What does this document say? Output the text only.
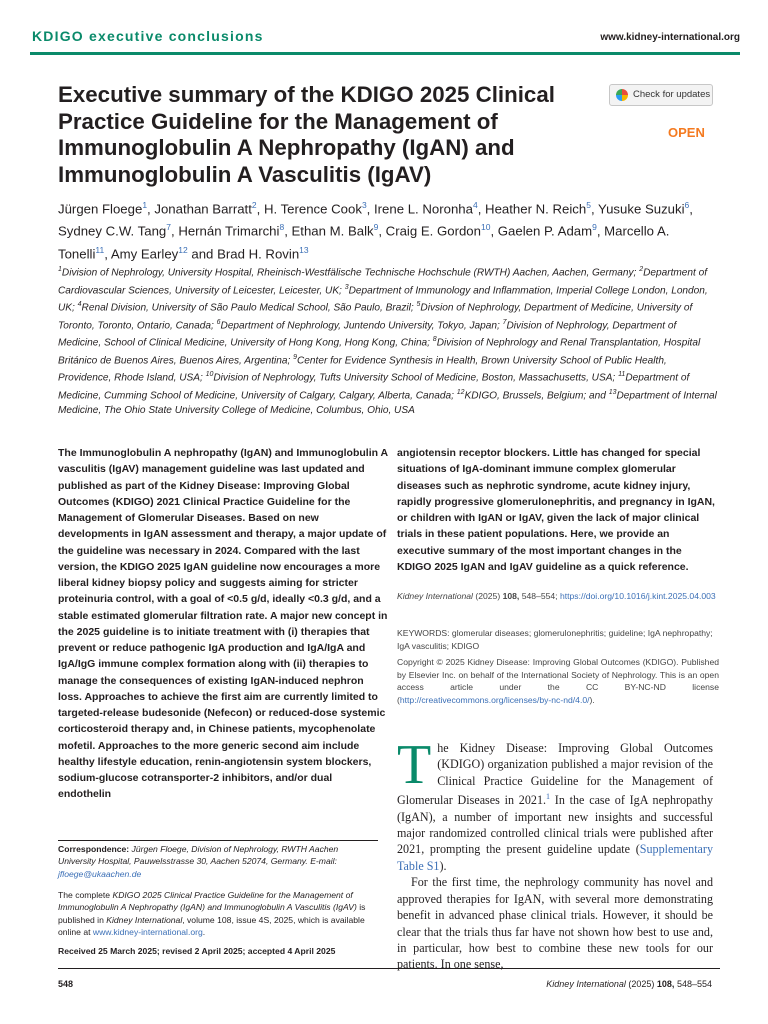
KDIGO executive conclusions	www.kidney-international.org
Executive summary of the KDIGO 2025 Clinical Practice Guideline for the Management of Immunoglobulin A Nephropathy (IgAN) and Immunoglobulin A Vasculitis (IgAV)
Check for updates
OPEN
Jürgen Floege$^1$, Jonathan Barratt$^2$, H. Terence Cook$^3$, Irene L. Noronha$^4$, Heather N. Reich$^5$, Yusuke Suzuki$^6$, Sydney C.W. Tang$^7$, Hernán Trimarchi$^8$, Ethan M. Balk$^9$, Craig E. Gordon$^{10}$, Gaelen P. Adam$^9$, Marcello A. Tonelli$^{11}$, Amy Earley$^{12}$ and Brad H. Rovin$^{13}$
$^1$Division of Nephrology, University Hospital, Rheinisch-Westfälische Technische Hochschule (RWTH) Aachen, Aachen, Germany; $^2$Department of Cardiovascular Sciences, University of Leicester, Leicester, UK; $^3$Department of Immunology and Inflammation, Imperial College London, London, UK; $^4$Renal Division, University of São Paulo Medical School, São Paulo, Brazil; $^5$Divsion of Nephrology, Department of Medicine, University of Toronto, Toronto, Ontario, Canada; $^6$Department of Nephrology, Juntendo University, Tokyo, Japan; $^7$Division of Nephrology, Department of Medicine, School of Clinical Medicine, University of Hong Kong, Hong Kong, China; $^8$Division of Nephrology and Renal Transplantation, Hospital Británico de Buenos Aires, Buenos Aires, Argentina; $^9$Center for Evidence Synthesis in Health, Brown University School of Public Health, Providence, Rhode Island, USA; $^{10}$Division of Nephrology, Tufts University School of Medicine, Boston, Massachusetts, USA; $^{11}$Department of Medicine, Cumming School of Medicine, University of Calgary, Calgary, Alberta, Canada; $^{12}$KDIGO, Brussels, Belgium; and $^{13}$Department of Internal Medicine, The Ohio State University College of Medicine, Columbus, Ohio, USA
The Immunoglobulin A nephropathy (IgAN) and Immunoglobulin A vasculitis (IgAV) management guideline was last updated and published as part of the Kidney Disease: Improving Global Outcomes (KDIGO) 2021 Clinical Practice Guideline for the Management of Glomerular Diseases. Based on new developments in IgAN assessment and therapy, a major update of the guideline was necessary in 2024. Compared with the last version, the KDIGO 2025 IgAN guideline now encourages a more liberal kidney biopsy policy and suggests aiming for stricter proteinuria control, with a goal of <0.5 g/d, ideally <0.3 g/d, and a stable estimated glomerular filtration rate. A major new concept in the 2025 guideline is to initiate treatment with (i) therapies that prevent or reduce pathogenic IgA production and IgA/IgA and IgA/IgG immune complex formation along with (ii) therapies to manage the consequences of existing IgAN-induced nephron loss. Approaches to achieve the first aim are currently limited to targeted-release budesonide (Nefecon) or reduced-dose systemic corticosteroid therapy and, in Chinese patients, mycophenolate mofetil. Approaches to the more generic second aim include healthy lifestyle education, renin-angiotensin system blockers, sodium-glucose cotransporter-2 inhibitors, and/or dual endothelin
angiotensin receptor blockers. Little has changed for special situations of IgA-dominant immune complex glomerular diseases such as nephrotic syndrome, acute kidney injury, rapidly progressive glomerulonephritis, and pregnancy in IgAN, or children with IgAN or IgAV, given the lack of major clinical trials in these patient populations. Here, we provide an executive summary of the most important changes in the KDIGO 2025 IgAN and IgAV guideline as a quick reference.
Kidney International (2025) 108, 548–554; https://doi.org/10.1016/j.kint.2025.04.003
KEYWORDS: glomerular diseases; glomerulonephritis; guideline; IgA nephropathy; IgA vasculitis; KDIGO
Copyright © 2025 Kidney Disease: Improving Global Outcomes (KDIGO). Published by Elsevier Inc. on behalf of the International Society of Nephrology. This is an open access article under the CC BY-NC-ND license (http://creativecommons.org/licenses/by-nc-nd/4.0/).
The Kidney Disease: Improving Global Outcomes (KDIGO) organization published a major revision of the Clinical Practice Guideline for the Management of Glomerular Diseases in 2021.$^1$ In the case of IgA nephropathy (IgAN), a number of important new insights and successful major randomized controlled clinical trials were published after 2021, prompting the present guideline update (Supplementary Table S1).
For the first time, the nephrology community has novel and approved therapies for IgAN, with several more demonstrating benefit in advanced phase clinical trials. However, it should be clear that the trials thus far have not shown how best to use and, in particular, how best to combine these new tools for our patients. In one sense,
Correspondence: Jürgen Floege, Division of Nephrology, RWTH Aachen University Hospital, Pauwelsstrasse 30, Aachen 52074, Germany. E-mail: jfloege@ukaachen.de
The complete KDIGO 2025 Clinical Practice Guideline for the Management of Immunoglobulin A Nephropathy (IgAN) and Immunoglobulin A Vasculitis (IgAV) is published in Kidney International, volume 108, issue 4S, 2025, which is available online at www.kidney-international.org.
Received 25 March 2025; revised 2 April 2025; accepted 4 April 2025
548	Kidney International (2025) 108, 548–554
